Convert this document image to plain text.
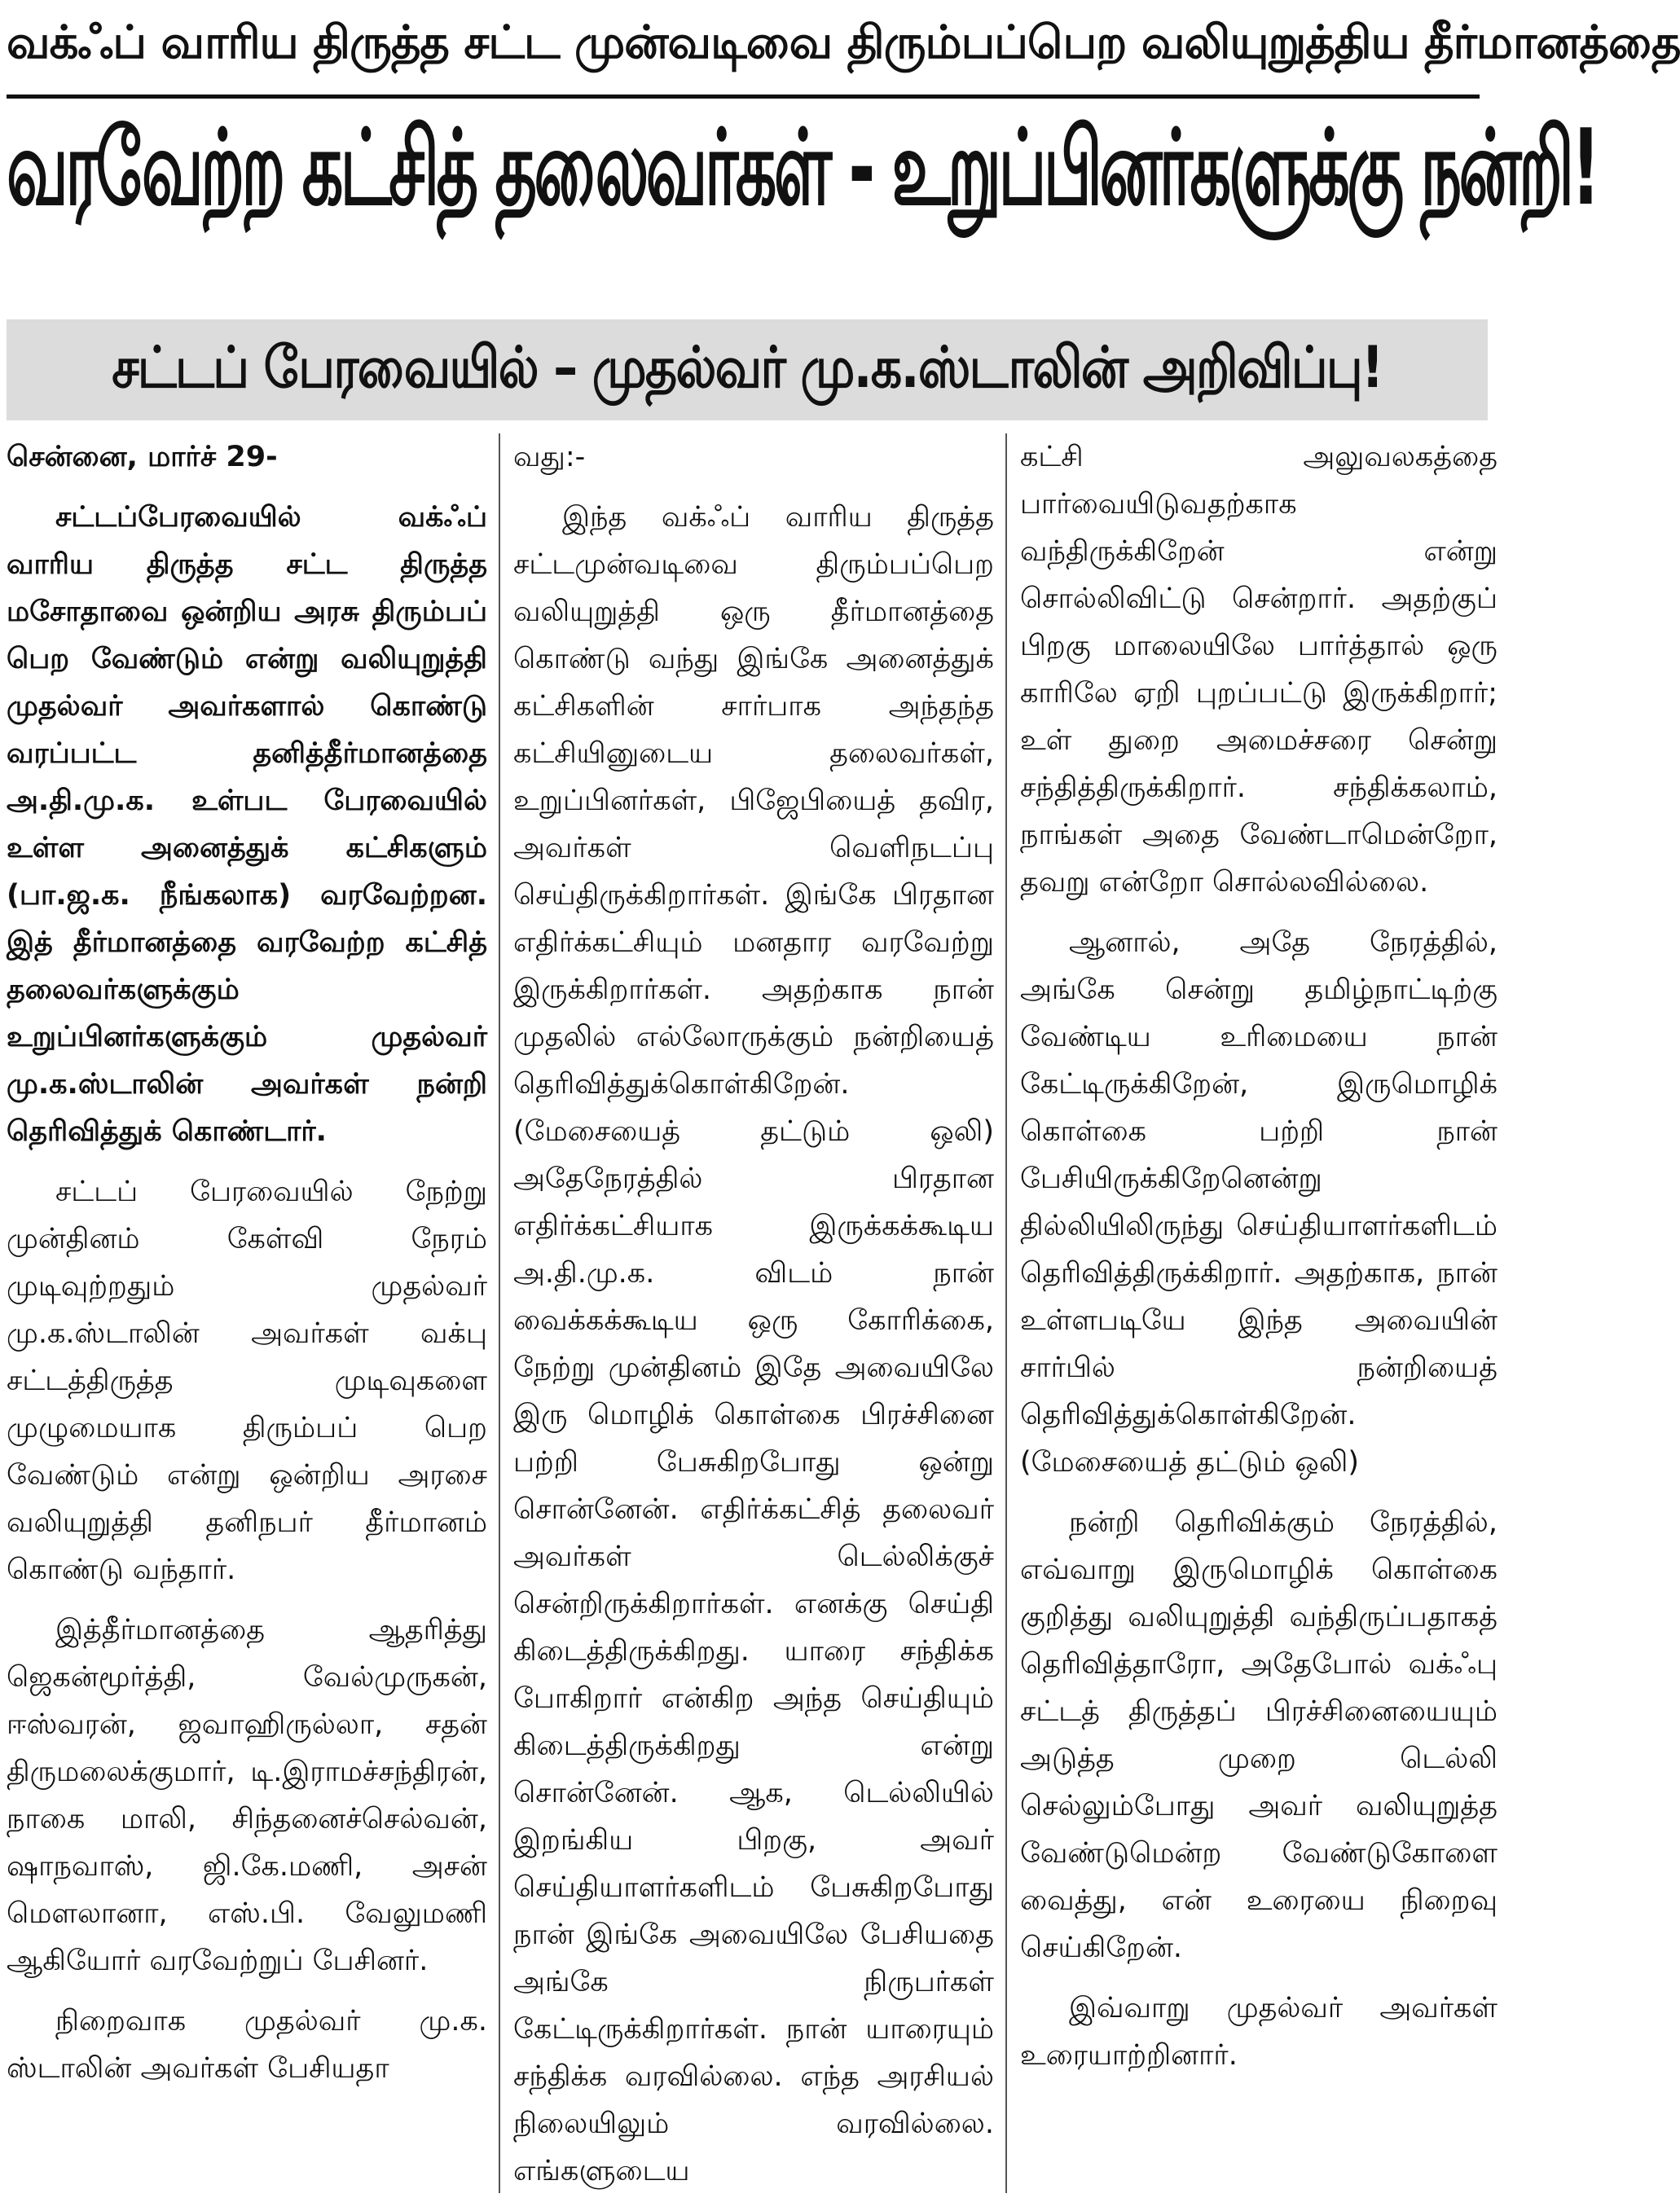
வக்ஃப் வாரிய திருத்த சட்ட முன்வடிவை திரும்பப்பெற வலியுறுத்திய தீர்மானத்தை
வரவேற்ற கட்சித் தலைவர்கள் - உறுப்பினர்களுக்கு நன்றி!
சட்டப் பேரவையில் – முதல்வர் மு.க.ஸ்டாலின் அறிவிப்பு!

சென்னை, மார்ச் 29-

சட்டப்பேரவையில் வக்ஃப் வாரிய திருத்த சட்ட திருத்த மசோதாவை ஒன்றிய அரசு திரும்பப் பெற வேண்டும் என்று வலியுறுத்தி முதல்வர் அவர்களால் கொண்டு வரப்பட்ட தனித்தீர்மானத்தை அ.தி.மு.க. உள்பட பேரவையில் உள்ள அனைத்துக் கட்சிகளும் (பா.ஜ.க. நீங்கலாக) வரவேற்றன. இத் தீர்மானத்தை வரவேற்ற கட்சித் தலைவர்களுக்கும் உறுப்பினர்களுக்கும் முதல்வர் மு.க.ஸ்டாலின் அவர்கள் நன்றி தெரிவித்துக் கொண்டார்.

சட்டப் பேரவையில் நேற்று முன்தினம் கேள்வி நேரம் முடிவுற்றதும் முதல்வர் மு.க.ஸ்டாலின் அவர்கள் வக்பு சட்டத்திருத்த முடிவுகளை முழுமையாக திரும்பப் பெற வேண்டும் என்று ஒன்றிய அரசை வலியுறுத்தி தனிநபர் தீர்மானம் கொண்டு வந்தார்.

இத்தீர்மானத்தை ஆதரித்து ஜெகன்மூர்த்தி, வேல்முருகன், ஈஸ்வரன், ஜவாஹிருல்லா, சதன் திருமலைக்குமார், டி.இராமச்சந்திரன், நாகை மாலி, சிந்தனைச்செல்வன், ஷாநவாஸ், ஜி.கே.மணி, அசன் மௌலானா, எஸ்.பி. வேலுமணி ஆகியோர் வரவேற்றுப் பேசினர்.

நிறைவாக முதல்வர் மு.க. ஸ்டாலின் அவர்கள் பேசியதா

வது:-

இந்த வக்ஃப் வாரிய திருத்த சட்டமுன்வடிவை திரும்பப்பெற வலியுறுத்தி ஒரு தீர்மானத்தை கொண்டு வந்து இங்கே அனைத்துக் கட்சிகளின் சார்பாக அந்தந்த கட்சியினுடைய தலைவர்கள், உறுப்பினர்கள், பிஜேபியைத் தவிர, அவர்கள் வெளிநடப்பு செய்திருக்கிறார்கள். இங்கே பிரதான எதிர்க்கட்சியும் மனதார வரவேற்று இருக்கிறார்கள். அதற்காக நான் முதலில் எல்லோருக்கும் நன்றியைத் தெரிவித்துக்கொள்கிறேன். (மேசையைத் தட்டும் ஒலி) அதேநேரத்தில் பிரதான எதிர்க்கட்சியாக இருக்கக்கூடிய அ.தி.மு.க. விடம் நான் வைக்கக்கூடிய ஒரு கோரிக்கை, நேற்று முன்தினம் இதே அவையிலே இரு மொழிக் கொள்கை பிரச்சினை பற்றி பேசுகிறபோது ஒன்று சொன்னேன். எதிர்க்கட்சித் தலைவர் அவர்கள் டெல்லிக்குச் சென்றிருக்கிறார்கள். எனக்கு செய்தி கிடைத்திருக்கிறது. யாரை சந்திக்க போகிறார் என்கிற அந்த செய்தியும் கிடைத்திருக்கிறது என்று சொன்னேன். ஆக, டெல்லியில் இறங்கிய பிறகு, அவர் செய்தியாளர்களிடம் பேசுகிறபோது நான் இங்கே அவையிலே பேசியதை அங்கே நிருபர்கள் கேட்டிருக்கிறார்கள். நான் யாரையும் சந்திக்க வரவில்லை. எந்த அரசியல் நிலையிலும் வரவில்லை. எங்களுடைய

கட்சி அலுவலகத்தை பார்வையிடுவதற்காக வந்திருக்கிறேன் என்று சொல்லிவிட்டு சென்றார். அதற்குப் பிறகு மாலையிலே பார்த்தால் ஒரு காரிலே ஏறி புறப்பட்டு இருக்கிறார்; உள் துறை அமைச்சரை சென்று சந்தித்திருக்கிறார். சந்திக்கலாம், நாங்கள் அதை வேண்டாமென்றோ, தவறு என்றோ சொல்லவில்லை.

ஆனால், அதே நேரத்தில், அங்கே சென்று தமிழ்நாட்டிற்கு வேண்டிய உரிமையை நான் கேட்டிருக்கிறேன், இருமொழிக் கொள்கை பற்றி நான் பேசியிருக்கிறேனென்று தில்லியிலிருந்து செய்தியாளர்களிடம் தெரிவித்திருக்கிறார். அதற்காக, நான் உள்ளபடியே இந்த அவையின் சார்பில் நன்றியைத் தெரிவித்துக்கொள்கிறேன். (மேசையைத் தட்டும் ஒலி)

நன்றி தெரிவிக்கும் நேரத்தில், எவ்வாறு இருமொழிக் கொள்கை குறித்து வலியுறுத்தி வந்திருப்பதாகத் தெரிவித்தாரோ, அதேபோல் வக்ஃபு சட்டத் திருத்தப் பிரச்சினையையும் அடுத்த முறை டெல்லி செல்லும்போது அவர் வலியுறுத்த வேண்டுமென்ற வேண்டுகோளை வைத்து, என் உரையை நிறைவு செய்கிறேன்.

இவ்வாறு முதல்வர் அவர்கள் உரையாற்றினார்.
